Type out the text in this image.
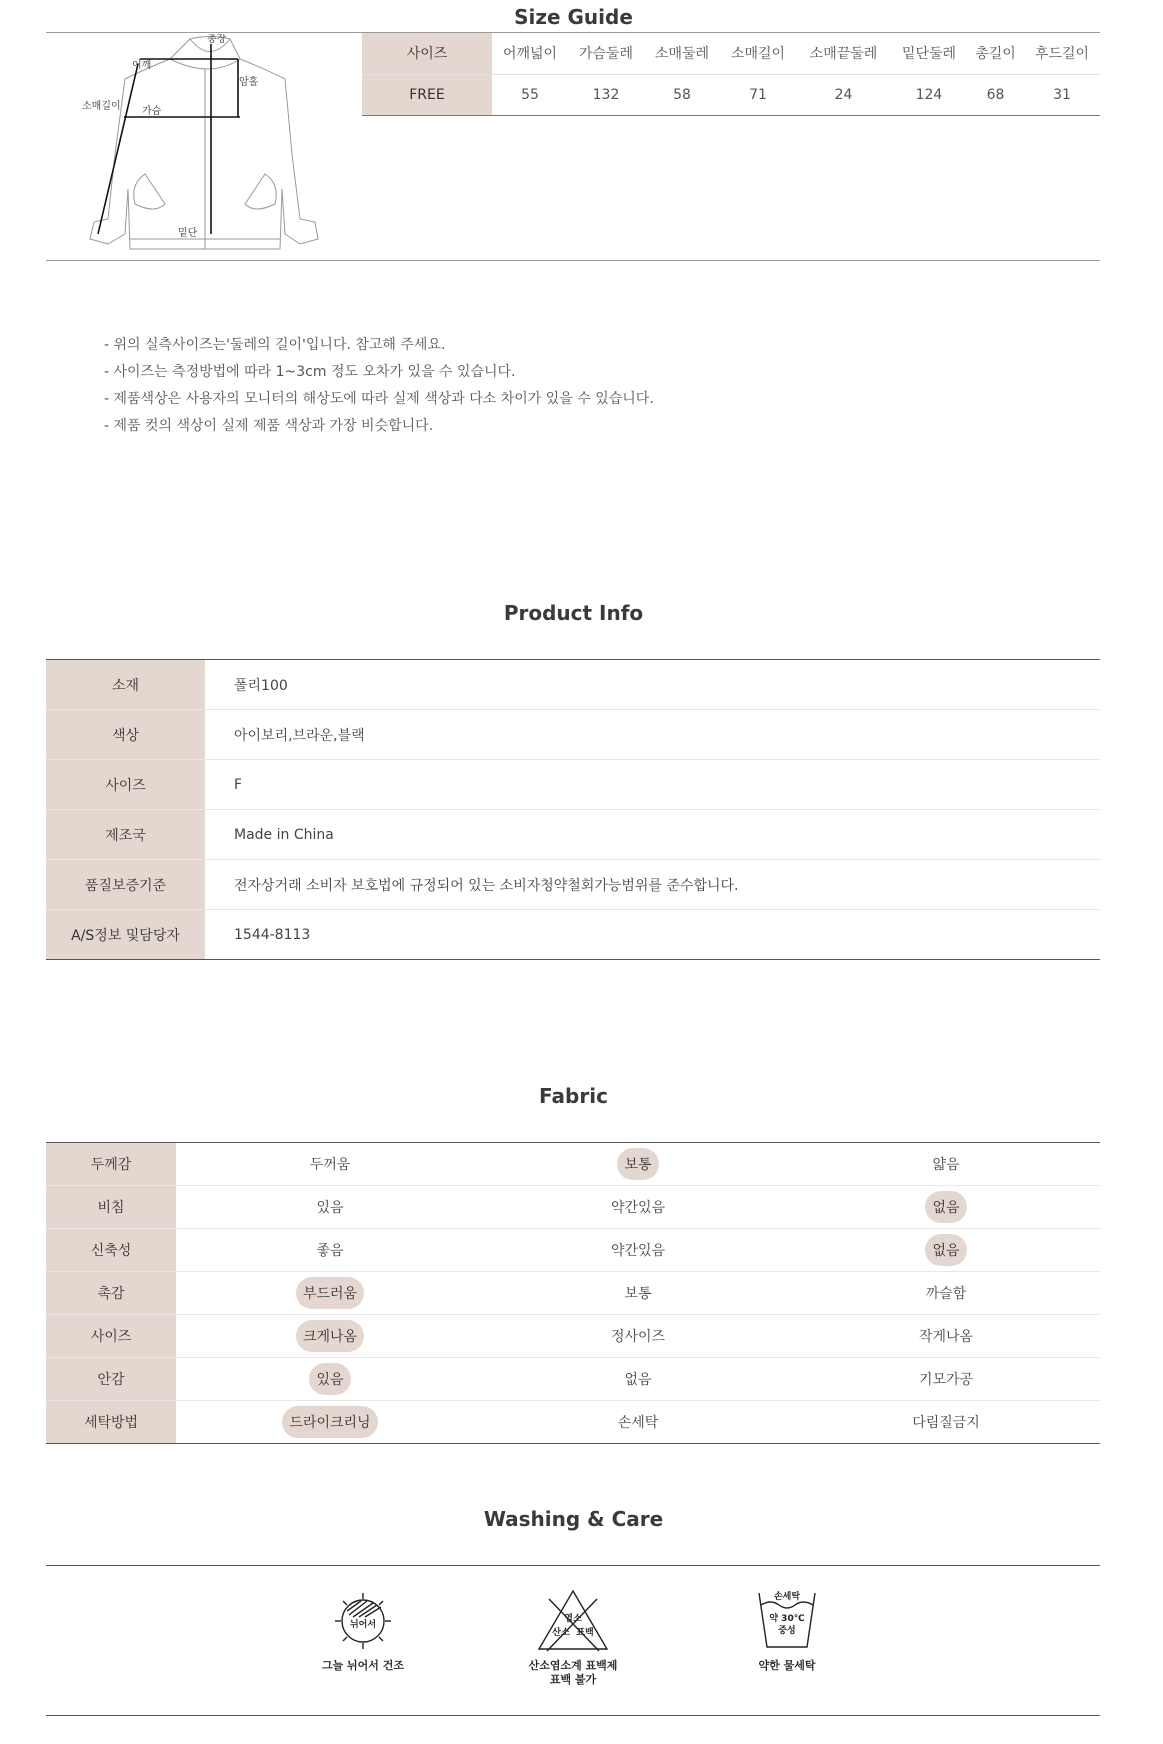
Size Guide
총장
어깨
암홀
소매길이 가슴
밑단
사이즈	어깨넓이	가슴둘레	소매둘레	소매길이	소매끝둘레	밑단둘레	총길이	후드길이
FREE	55	132	58	71	24	124	68	31
- 위의 실측사이즈는'둘레의 길이'입니다. 참고해 주세요.
- 사이즈는 측정방법에 따라 1~3cm 정도 오차가 있을 수 있습니다.
- 제품색상은 사용자의 모니터의 해상도에 따라 실제 색상과 다소 차이가 있을 수 있습니다.
- 제품 컷의 색상이 실제 제품 색상과 가장 비슷합니다.
Product Info
소재	폴리100
색상	아이보리,브라운,블랙
사이즈	F
제조국	Made in China
품질보증기준	전자상거래 소비자 보호법에 규정되어 있는 소비자청약철회가능범위를 준수합니다.
A/S정보 및담당자	1544-8113
Fabric
두께감	두꺼움	보통	얇음
비침	있음	약간있음	없음
신축성	좋음	약간있음	없음
촉감	부드러움	보통	까슬함
사이즈	크게나옴	정사이즈	작게나옴
안감	있음	없음	기모가공
세탁방법	드라이크리닝	손세탁	다림질금지
Washing & Care
뉘어서
그늘 뉘어서 건조
염소
산소 표백
산소염소계 표백제
표백 불가
손세탁
약 30℃
중성
약한 물세탁
